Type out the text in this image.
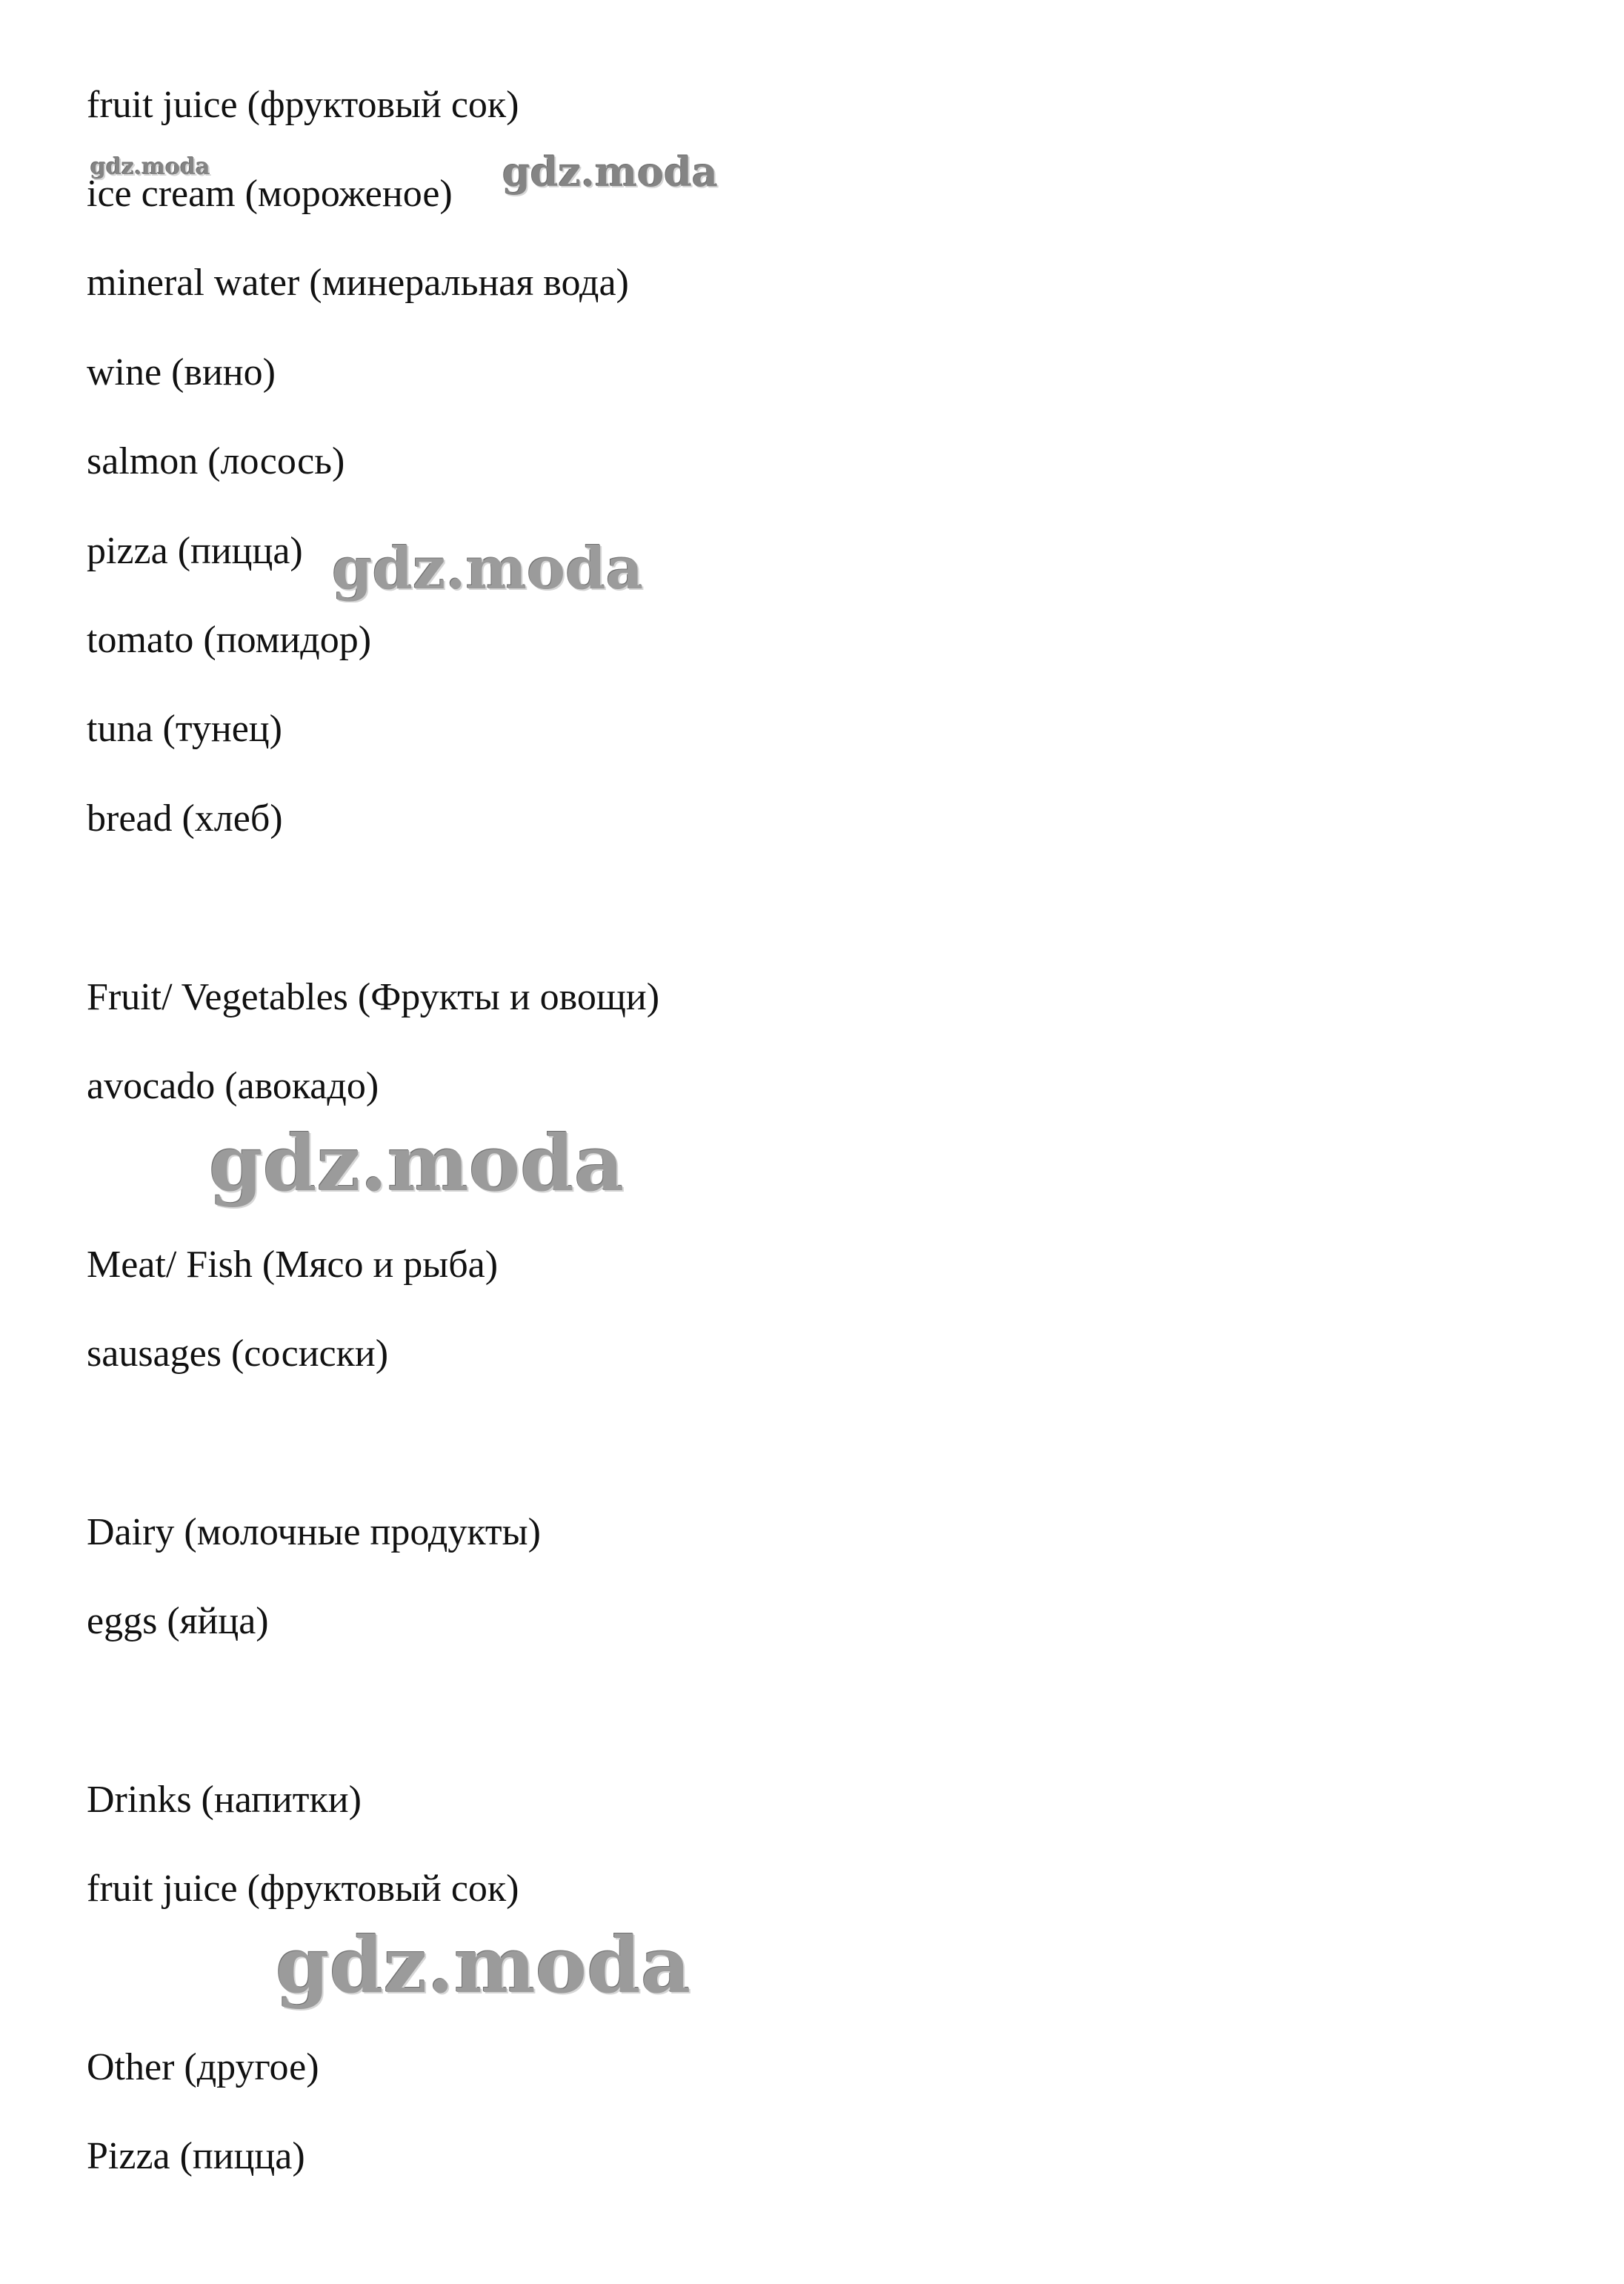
fruit juice (фруктовый сок)
ice cream (мороженое)
mineral water (минеральная вода)
wine (вино)
salmon (лосось)
pizza (пицца)
tomato (помидор)
tuna (тунец)
bread (хлеб)
Fruit/ Vegetables (Фрукты и овощи)
avocado (авокадо)
Meat/ Fish (Мясо и рыба)
sausages (сосиски)
Dairy (молочные продукты)
eggs (яйца)
Drinks (напитки)
fruit juice (фруктовый сок)
Other (другое)
Pizza (пицца)
gdz.moda	gdz.moda
gdz.moda
gdz.moda
gdz.moda
